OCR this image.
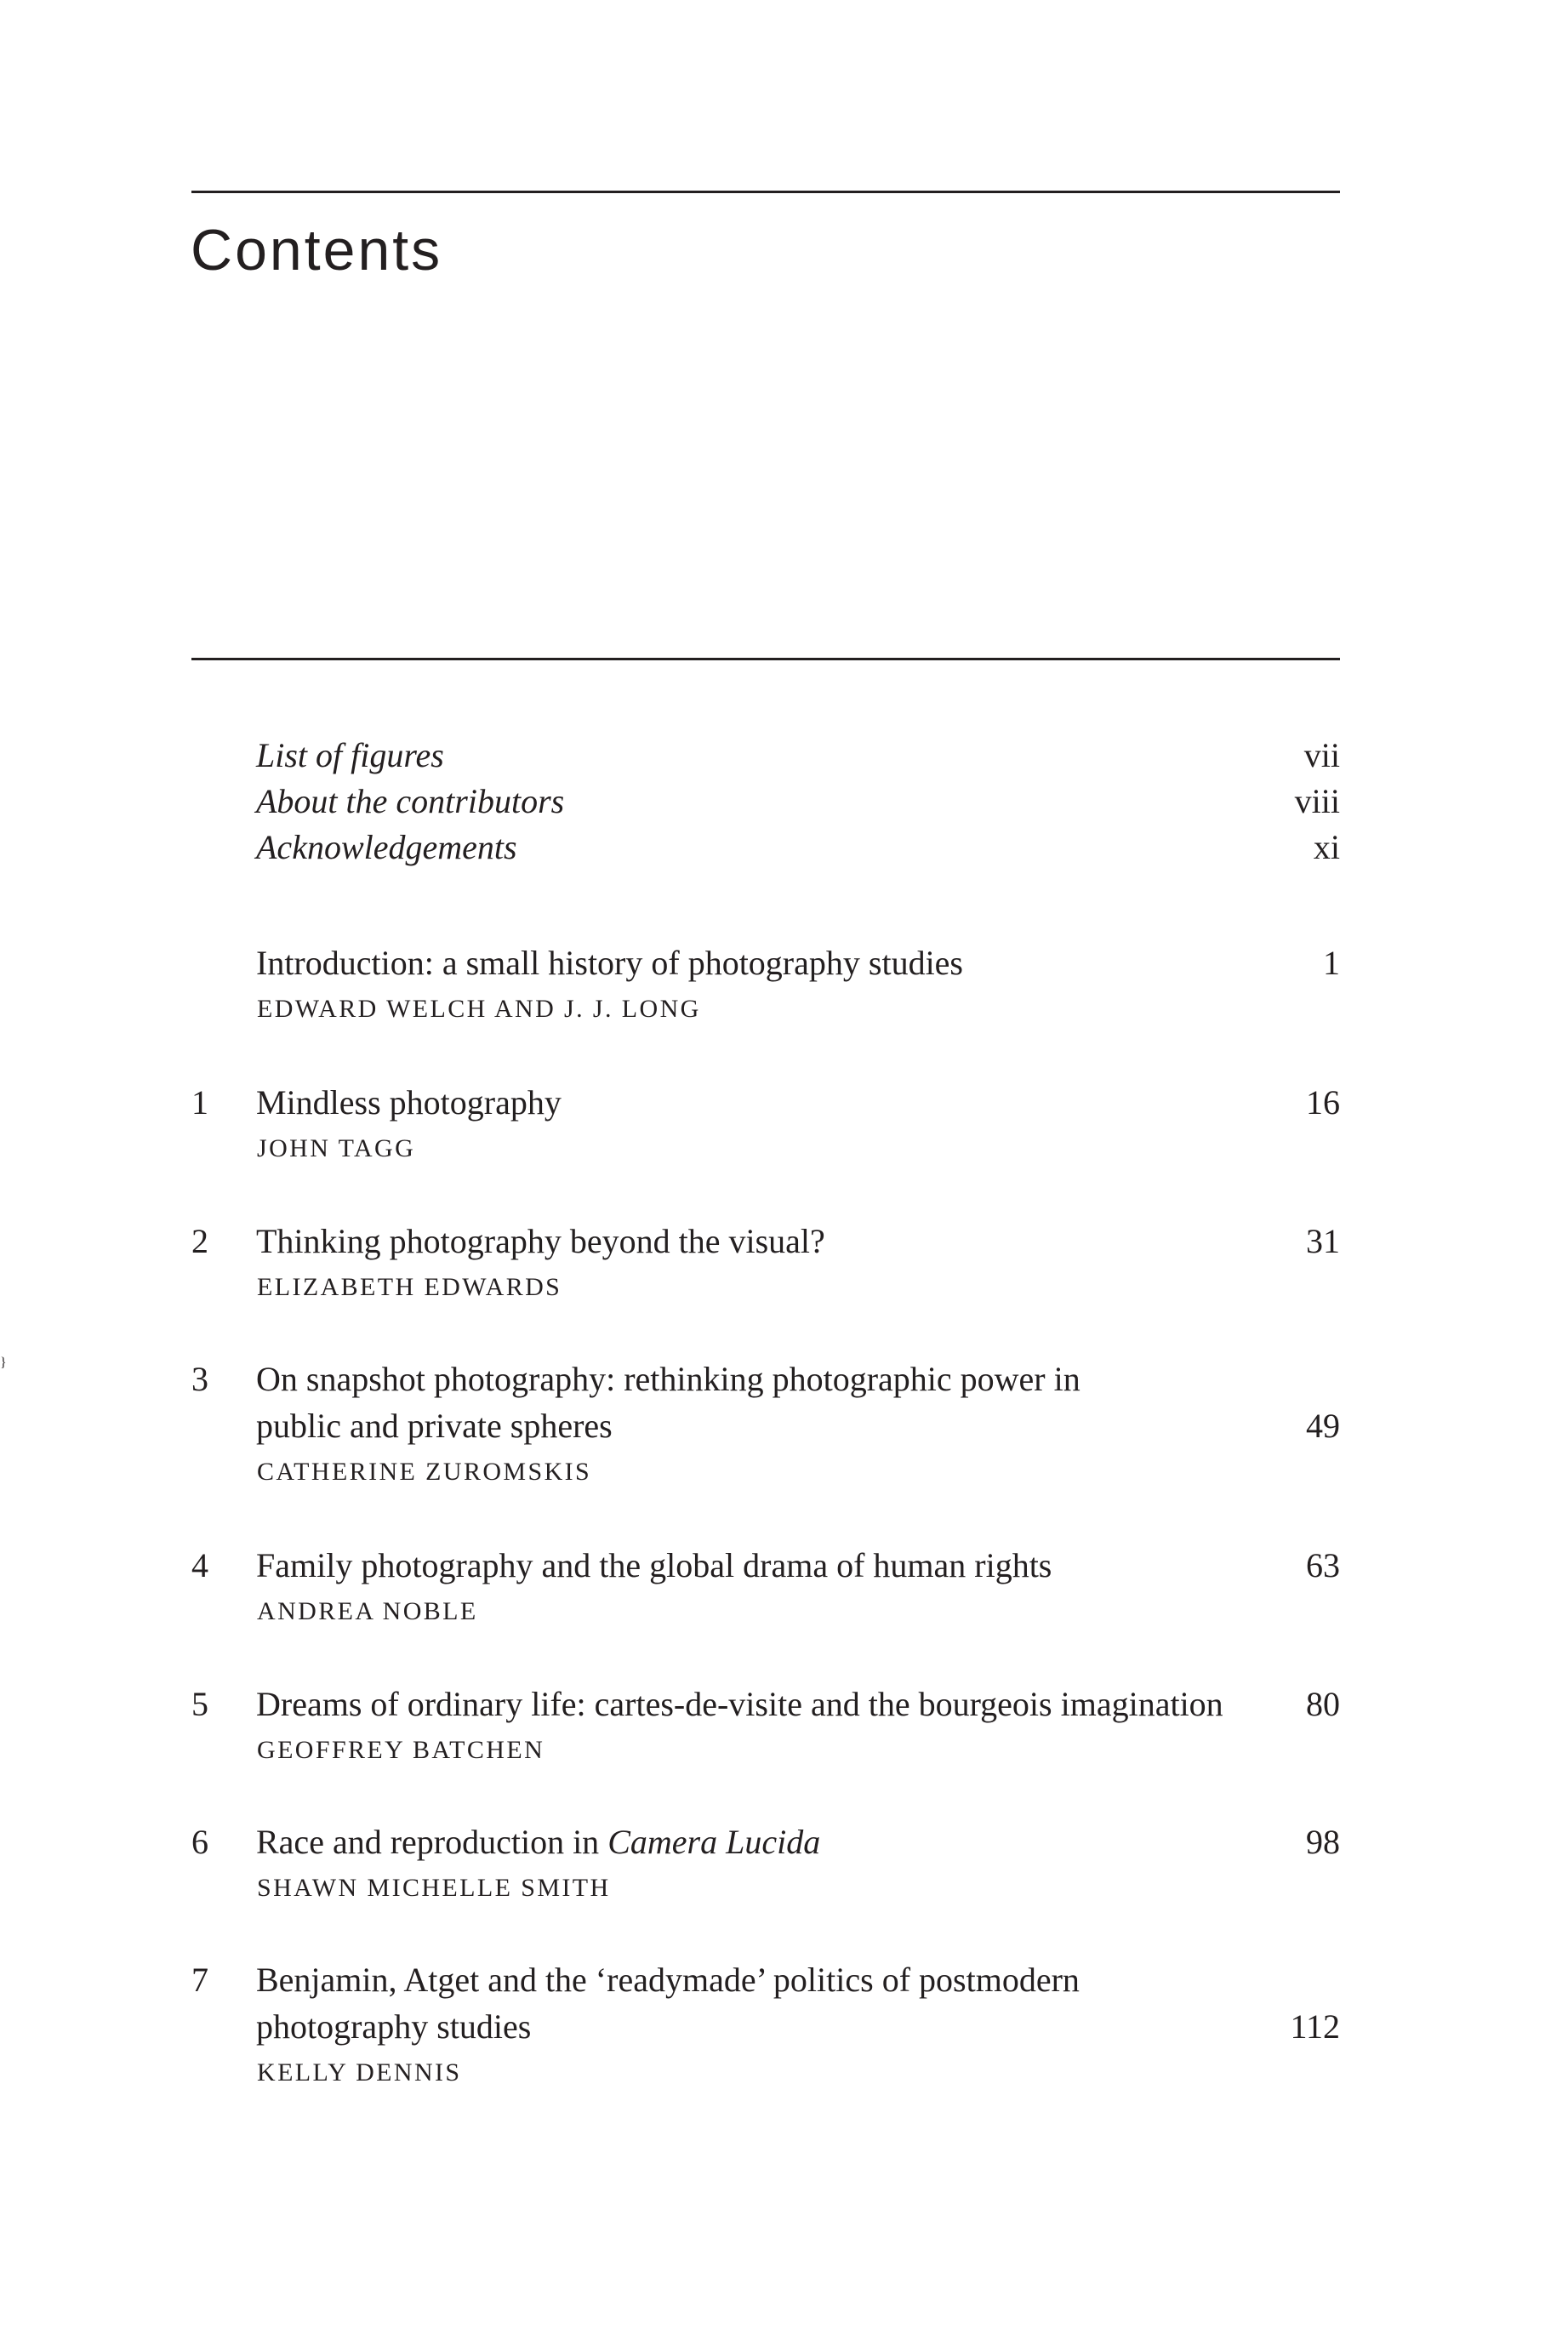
Contents
List of figures	vii
About the contributors	viii
Acknowledgements	xi
Introduction: a small history of photography studies	1
EDWARD WELCH AND J. J. LONG
1	Mindless photography	16
JOHN TAGG
2	Thinking photography beyond the visual?	31
ELIZABETH EDWARDS
3	On snapshot photography: rethinking photographic power in
public and private spheres	49
CATHERINE ZUROMSKIS
}
4	Family photography and the global drama of human rights	63
ANDREA NOBLE
5	Dreams of ordinary life: cartes-de-visite and the bourgeois imagination	80
GEOFFREY BATCHEN
6	Race and reproduction in Camera Lucida	98
SHAWN MICHELLE SMITH
7	Benjamin, Atget and the ‘readymade’ politics of postmodern
photography studies	112
KELLY DENNIS
